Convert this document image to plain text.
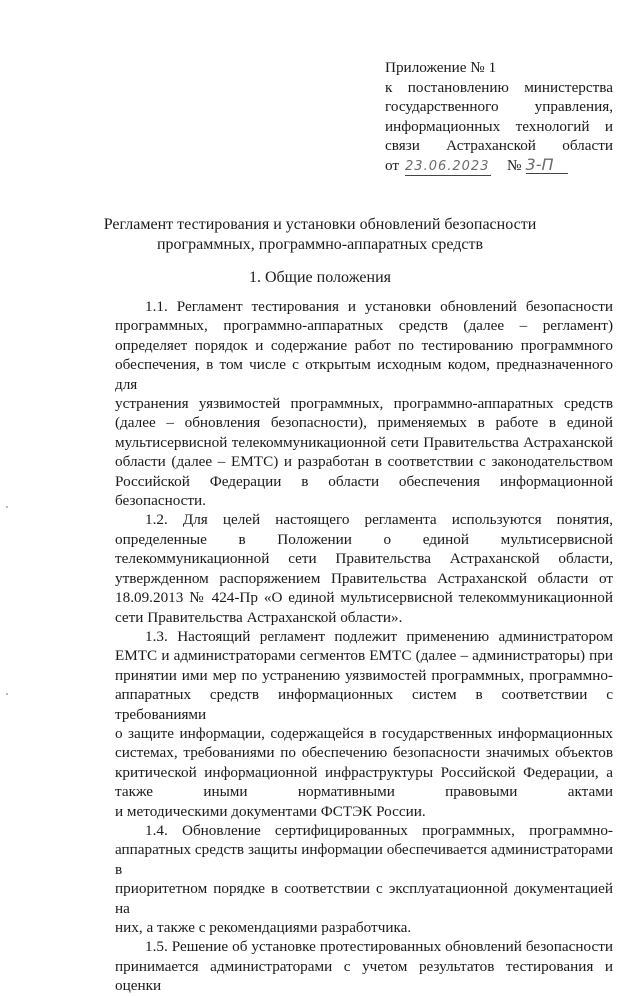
Приложение № 1
к постановлению министерства
государственного управления,
информационных технологий и
связи Астраханской области
от 23.06.2023 № 3-П
Регламент тестирования и установки обновлений безопасности
программных, программно-аппаратных средств
1. Общие положения
1.1. Регламент тестирования и установки обновлений безопасности
программных, программно-аппаратных средств (далее – регламент)
определяет порядок и содержание работ по тестированию программного
обеспечения, в том числе с открытым исходным кодом, предназначенного для
устранения уязвимостей программных, программно-аппаратных средств
(далее – обновления безопасности), применяемых в работе в единой
мультисервисной телекоммуникационной сети Правительства Астраханской
области (далее – ЕМТС) и разработан в соответствии с законодательством
Российской Федерации в области обеспечения информационной
безопасности.
1.2. Для целей настоящего регламента используются понятия,
определенные в Положении о единой мультисервисной
телекоммуникационной сети Правительства Астраханской области,
утвержденном распоряжением Правительства Астраханской области от
18.09.2013 № 424-Пр «О единой мультисервисной телекоммуникационной
сети Правительства Астраханской области».
1.3. Настоящий регламент подлежит применению администратором
ЕМТС и администраторами сегментов ЕМТС (далее – администраторы) при
принятии ими мер по устранению уязвимостей программных, программно-
аппаратных средств информационных систем в соответствии с требованиями
о защите информации, содержащейся в государственных информационных
системах, требованиями по обеспечению безопасности значимых объектов
критической информационной инфраструктуры Российской Федерации, а
также иными нормативными правовыми актами
и методическими документами ФСТЭК России.
1.4. Обновление сертифицированных программных, программно-
аппаратных средств защиты информации обеспечивается администраторами в
приоритетном порядке в соответствии с эксплуатационной документацией на
них, а также с рекомендациями разработчика.
1.5. Решение об установке протестированных обновлений безопасности
принимается администраторами с учетом результатов тестирования и оценки
